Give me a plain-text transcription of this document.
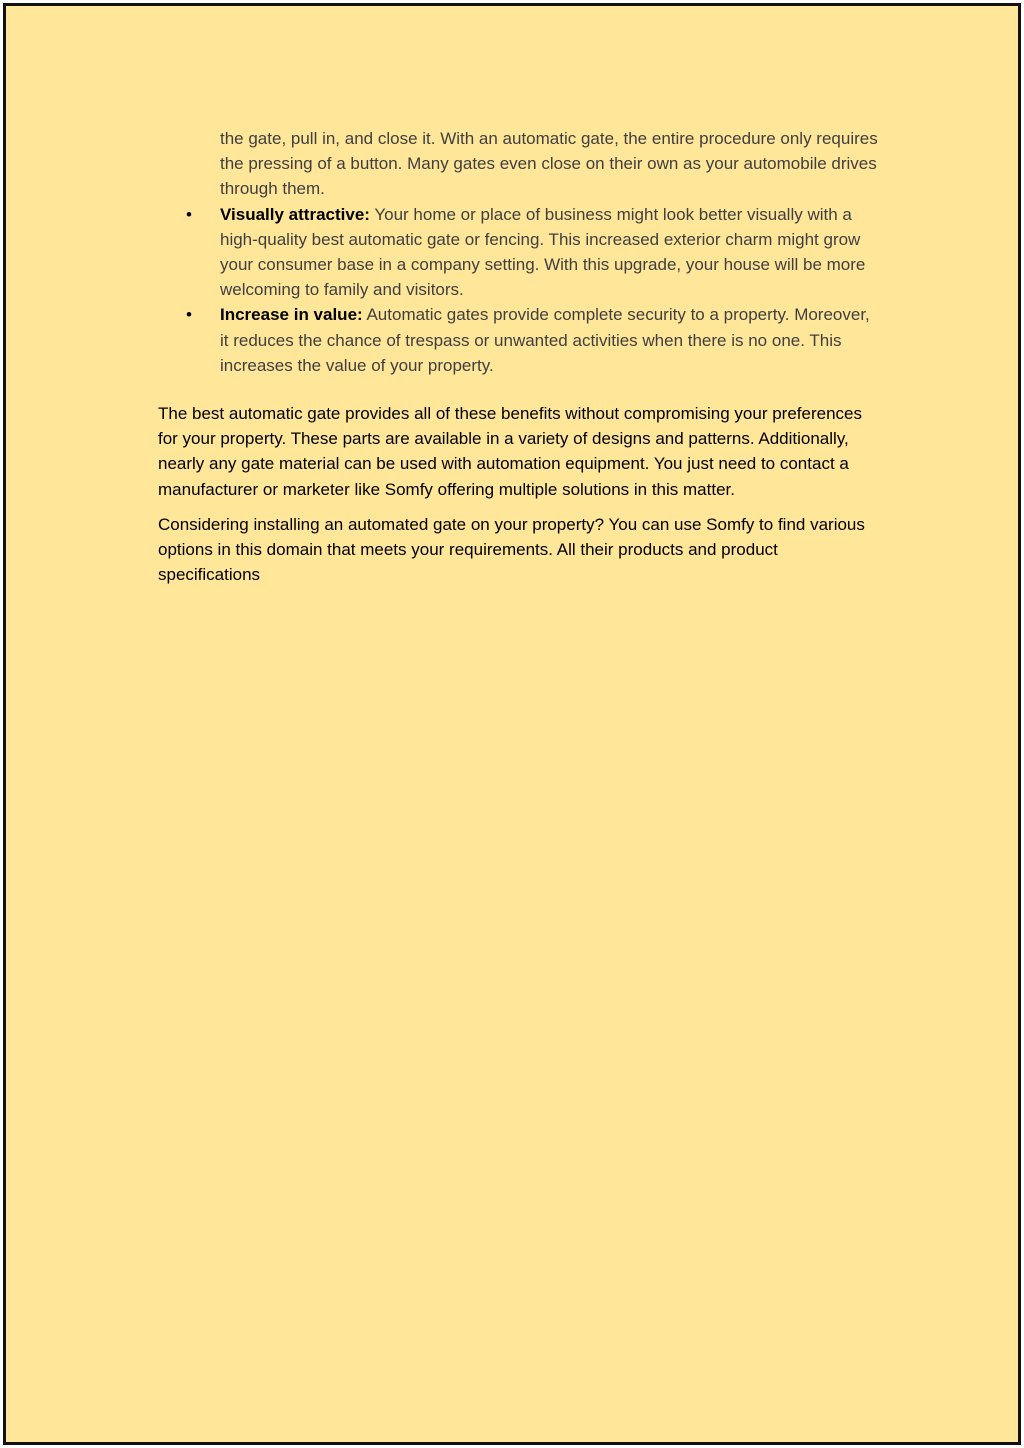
the gate, pull in, and close it. With an automatic gate, the entire procedure only requires the pressing of a button. Many gates even close on their own as your automobile drives through them.
• Visually attractive: Your home or place of business might look better visually with a high-quality best automatic gate or fencing. This increased exterior charm might grow your consumer base in a company setting. With this upgrade, your house will be more welcoming to family and visitors.
• Increase in value: Automatic gates provide complete security to a property. Moreover, it reduces the chance of trespass or unwanted activities when there is no one. This increases the value of your property.

The best automatic gate provides all of these benefits without compromising your preferences for your property. These parts are available in a variety of designs and patterns. Additionally, nearly any gate material can be used with automation equipment. You just need to contact a manufacturer or marketer like Somfy offering multiple solutions in this matter.

Considering installing an automated gate on your property? You can use Somfy to find various options in this domain that meets your requirements. All their products and product specifications
